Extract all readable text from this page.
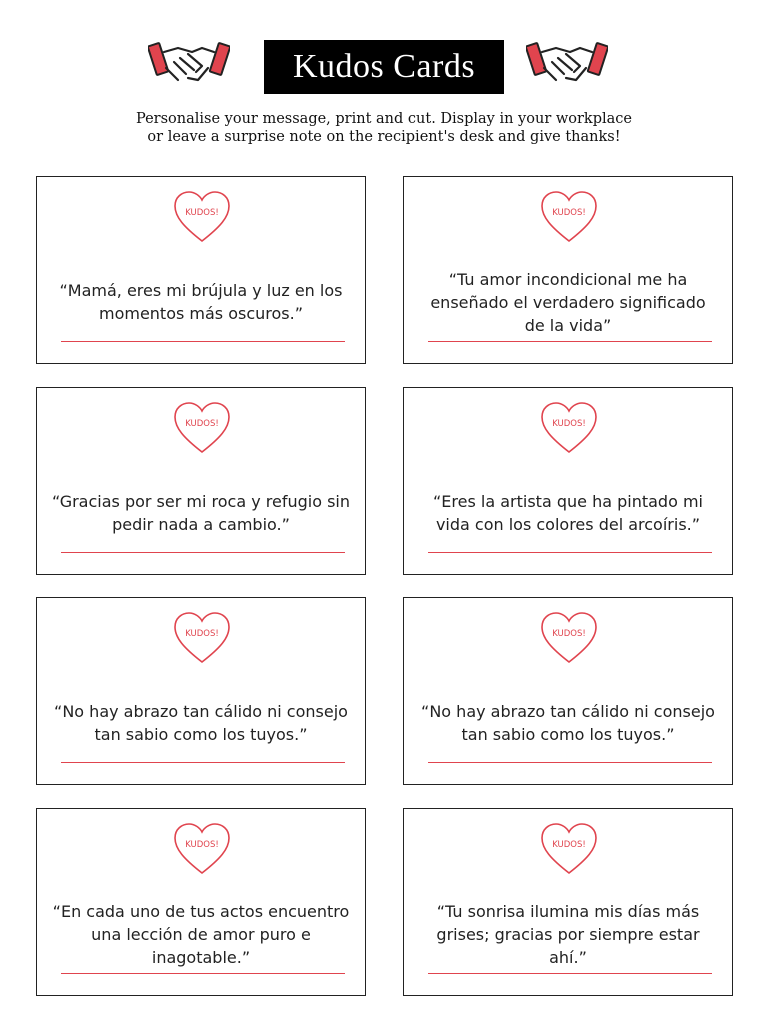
Kudos Cards
Personalise your message, print and cut. Display in your workplace
or leave a surprise note on the recipient's desk and give thanks!
KUDOS!
“Mamá, eres mi brújula y luz en los momentos más oscuros.”
KUDOS!
“Tu amor incondicional me ha enseñado el verdadero significado de la vida”
KUDOS!
“Gracias por ser mi roca y refugio sin pedir nada a cambio.”
KUDOS!
“Eres la artista que ha pintado mi vida con los colores del arcoíris.”
KUDOS!
“No hay abrazo tan cálido ni consejo tan sabio como los tuyos.”
KUDOS!
“No hay abrazo tan cálido ni consejo tan sabio como los tuyos.”
KUDOS!
“En cada uno de tus actos encuentro una lección de amor puro e inagotable.”
KUDOS!
“Tu sonrisa ilumina mis días más grises; gracias por siempre estar ahí.”
